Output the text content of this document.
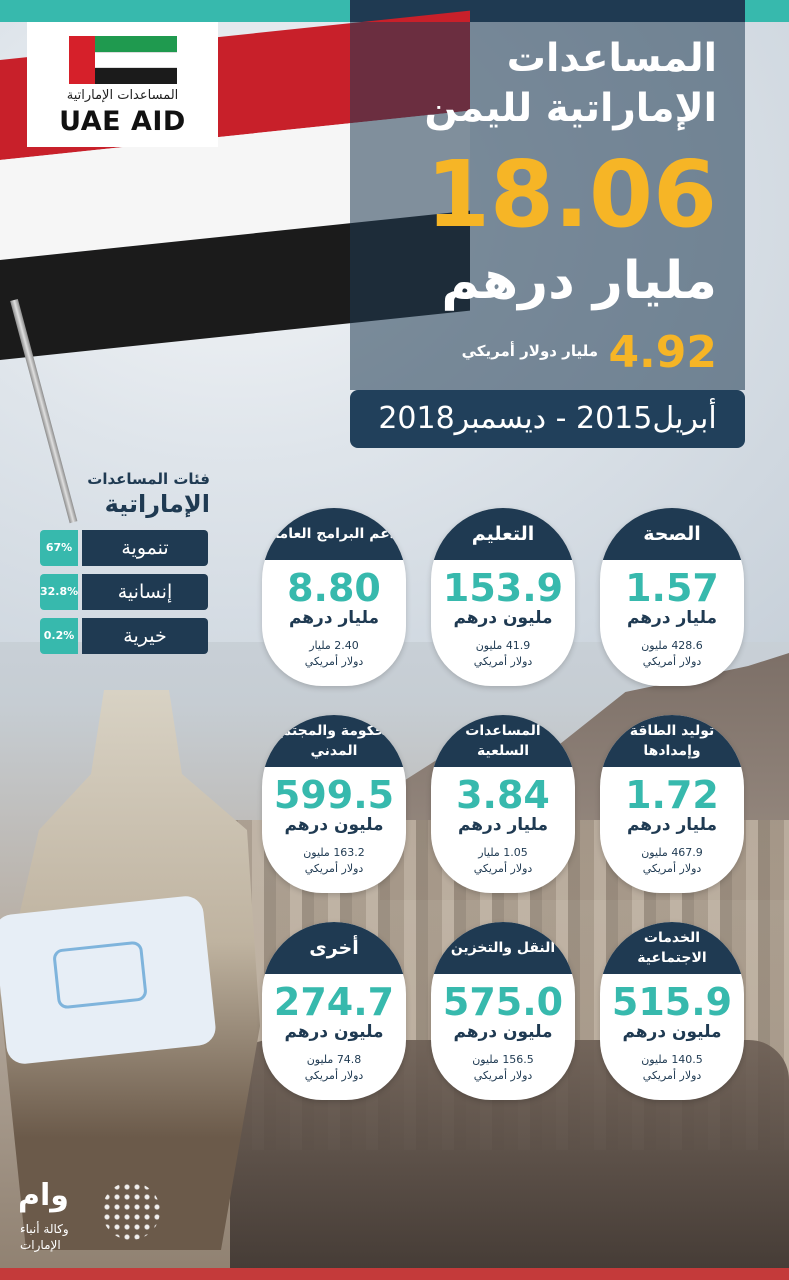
المساعدات الإماراتية
UAE AID
المساعدات
الإماراتية لليمن
18.06
مليار درهم
4.92
مليار دولار أمريكي
أبريل2015 - ديسمبر2018
فئات المساعدات
الإماراتية
67%	تنموية
32.8%	إنسانية
0.2%	خيرية
الصحة
1.57
مليار درهم
428.6 مليون
دولار أمريكي
التعليم
153.9
مليون درهم
41.9 مليون
دولار أمريكي
دعم البرامج العامة
8.80
مليار درهم
2.40 مليار
دولار أمريكي
توليد الطاقة وإمدادها
1.72
مليار درهم
467.9 مليون
دولار أمريكي
المساعدات السلعية
3.84
مليار درهم
1.05 مليار
دولار أمريكي
الحكومة والمجتمع المدني
599.5
مليون درهم
163.2 مليون
دولار أمريكي
الخدمات الاجتماعية
515.9
مليون درهم
140.5 مليون
دولار أمريكي
النقل والتخزين
575.0
مليون درهم
156.5 مليون
دولار أمريكي
أخرى
274.7
مليون درهم
74.8 مليون
دولار أمريكي
وام
وكالة أنباء
الإمارات
